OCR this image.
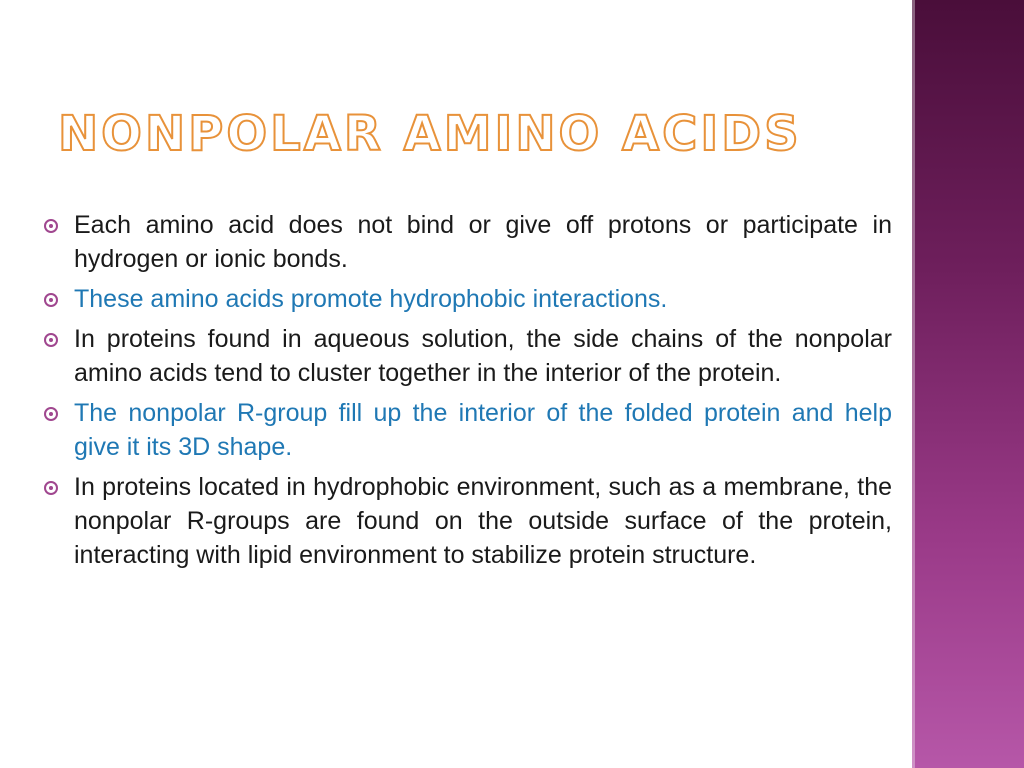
NONPOLAR AMINO ACIDS
Each amino acid does not bind or give off protons or participate in hydrogen or ionic bonds.
These amino acids promote hydrophobic interactions.
In proteins found in aqueous solution, the side chains of the nonpolar amino acids tend to cluster together in the interior of the protein.
The nonpolar R-group fill up the interior of the folded protein and help give it its 3D shape.
In proteins located in hydrophobic environment, such as a membrane, the nonpolar R-groups are found on the outside surface of the protein, interacting with lipid environment to stabilize protein structure.
